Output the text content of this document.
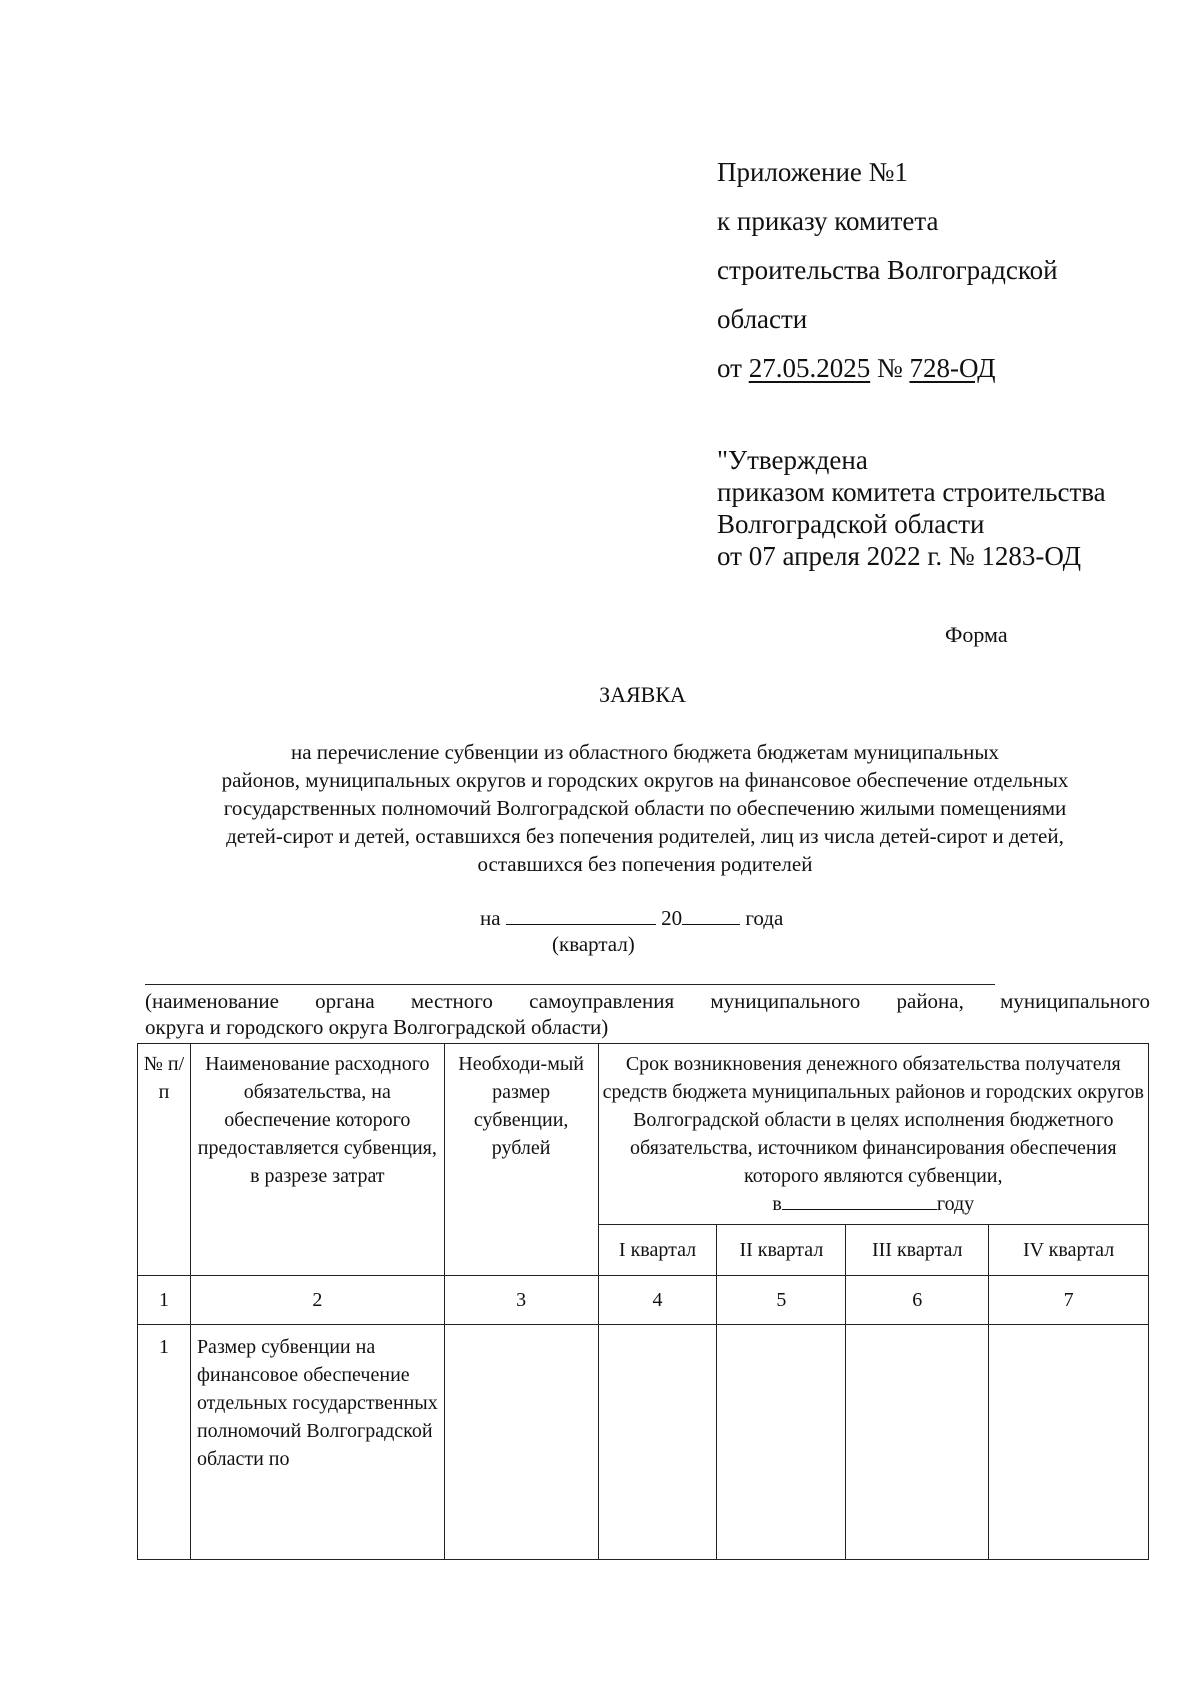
Приложение №1
к приказу комитета
строительства Волгоградской
области
от 27.05.2025 № 728-ОД
"Утверждена
приказом комитета строительства
Волгоградской области
от 07 апреля 2022 г. № 1283-ОД
Форма
ЗАЯВКА
на перечисление субвенции из областного бюджета бюджетам муниципальных
районов, муниципальных округов и городских округов на финансовое обеспечение отдельных
государственных полномочий Волгоградской области по обеспечению жилыми помещениями
детей-сирот и детей, оставшихся без попечения родителей, лиц из числа детей-сирот и детей,
оставшихся без попечения родителей
на	20	года
(квартал)
(наименование органа местного самоуправления муниципального района, муниципального
округа и городского округа Волгоградской области)
№ п/п	Наименование расходного обязательства, на обеспечение которого предоставляется субвенция, в разрезе затрат	Необходи-мый размер субвенции, рублей	Срок возникновения денежного обязательства получателя средств бюджета муниципальных районов и городских округов Волгоградской области в целях исполнения бюджетного обязательства, источником финансирования обеспечения которого являются субвенции,
в году			

			I квартал	II квартал	III квартал	IV квартал
1	2	3	4	5	6	7
1	Размер субвенции на финансовое обеспечение отдельных государственных полномочий Волгоградской области по					
